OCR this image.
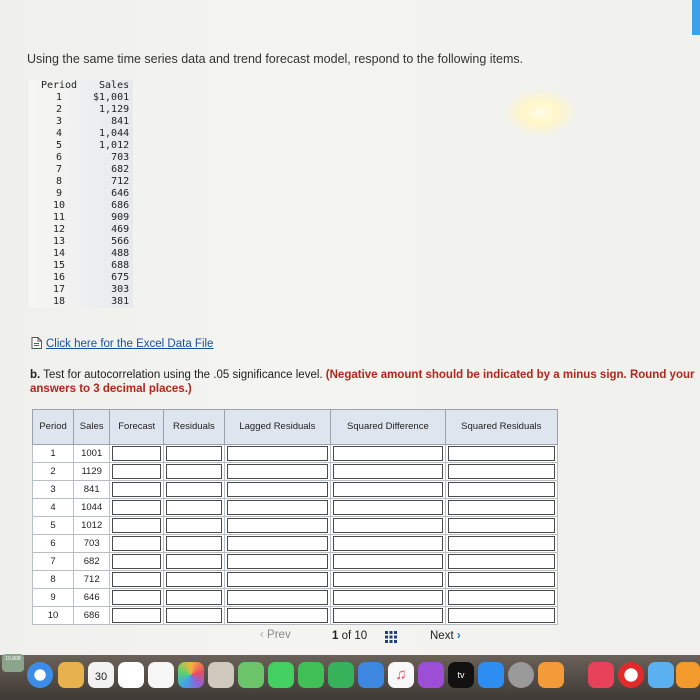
Using the same time series data and trend forecast model, respond to the following items.
Period	Sales
1	$1,001
2	1,129
3	841
4	1,044
5	1,012
6	703
7	682
8	712
9	646
10	686
11	909
12	469
13	566
14	488
15	688
16	675
17	303
18	381
Click here for the Excel Data File
b. Test for autocorrelation using the .05 significance level. (Negative amount should be indicated by a minus sign. Round your answers to 3 decimal places.)
Period	Sales	Forecast	Residuals	Lagged Residuals	Squared Difference	Squared Residuals
1	1001	

2	1129	

3	841	

4	1044	

5	1012	

6	703	

7	682	

8	712	

9	646	

10	686	

‹ Prev	1 of 10	Next ›
10,808
30	♫	tv
